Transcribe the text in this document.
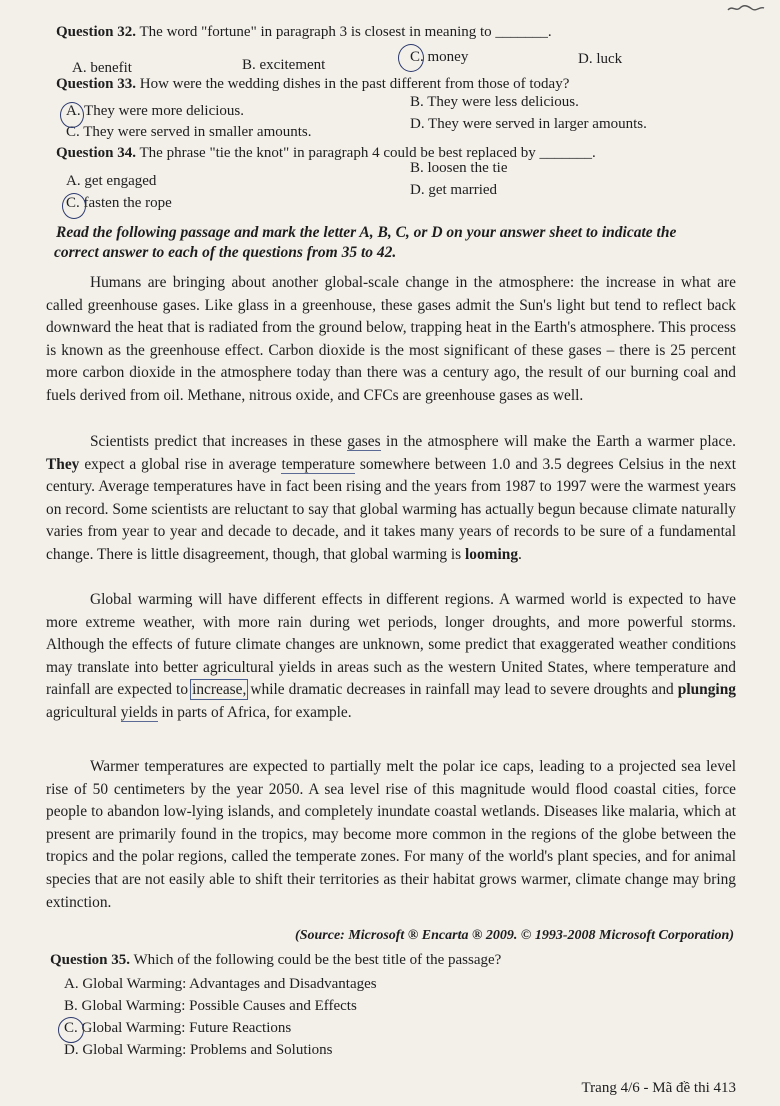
Question 32. The word "fortune" in paragraph 3 is closest in meaning to _______.
A. benefit	B. excitement	C. money	D. luck
Question 33. How were the wedding dishes in the past different from those of today?
A. They were more delicious.
B. They were less delicious.
C. They were served in smaller amounts.	D. They were served in larger amounts.
Question 34. The phrase "tie the knot" in paragraph 4 could be best replaced by _______.
A. get engaged
B. loosen the tie
C. fasten the rope
D. get married
Read the following passage and mark the letter A, B, C, or D on your answer sheet to indicate the
correct answer to each of the questions from 35 to 42.
Humans are bringing about another global-scale change in the atmosphere: the increase in what are called greenhouse gases. Like glass in a greenhouse, these gases admit the Sun's light but tend to reflect back downward the heat that is radiated from the ground below, trapping heat in the Earth's atmosphere. This process is known as the greenhouse effect. Carbon dioxide is the most significant of these gases – there is 25 percent more carbon dioxide in the atmosphere today than there was a century ago, the result of our burning coal and fuels derived from oil. Methane, nitrous oxide, and CFCs are greenhouse gases as well.
Scientists predict that increases in these gases in the atmosphere will make the Earth a warmer place. They expect a global rise in average temperature somewhere between 1.0 and 3.5 degrees Celsius in the next century. Average temperatures have in fact been rising and the years from 1987 to 1997 were the warmest years on record. Some scientists are reluctant to say that global warming has actually begun because climate naturally varies from year to year and decade to decade, and it takes many years of records to be sure of a fundamental change. There is little disagreement, though, that global warming is looming.
Global warming will have different effects in different regions. A warmed world is expected to have more extreme weather, with more rain during wet periods, longer droughts, and more powerful storms. Although the effects of future climate changes are unknown, some predict that exaggerated weather conditions may translate into better agricultural yields in areas such as the western United States, where temperature and rainfall are expected to increase, while dramatic decreases in rainfall may lead to severe droughts and plunging agricultural yields in parts of Africa, for example.
Warmer temperatures are expected to partially melt the polar ice caps, leading to a projected sea level rise of 50 centimeters by the year 2050. A sea level rise of this magnitude would flood coastal cities, force people to abandon low-lying islands, and completely inundate coastal wetlands. Diseases like malaria, which at present are primarily found in the tropics, may become more common in the regions of the globe between the tropics and the polar regions, called the temperate zones. For many of the world's plant species, and for animal species that are not easily able to shift their territories as their habitat grows warmer, climate change may bring extinction.
(Source: Microsoft ® Encarta ® 2009. © 1993-2008 Microsoft Corporation)
Question 35. Which of the following could be the best title of the passage?
A. Global Warming: Advantages and Disadvantages
B. Global Warming: Possible Causes and Effects
C. Global Warming: Future Reactions
D. Global Warming: Problems and Solutions
Trang 4/6 - Mã đề thi 413
